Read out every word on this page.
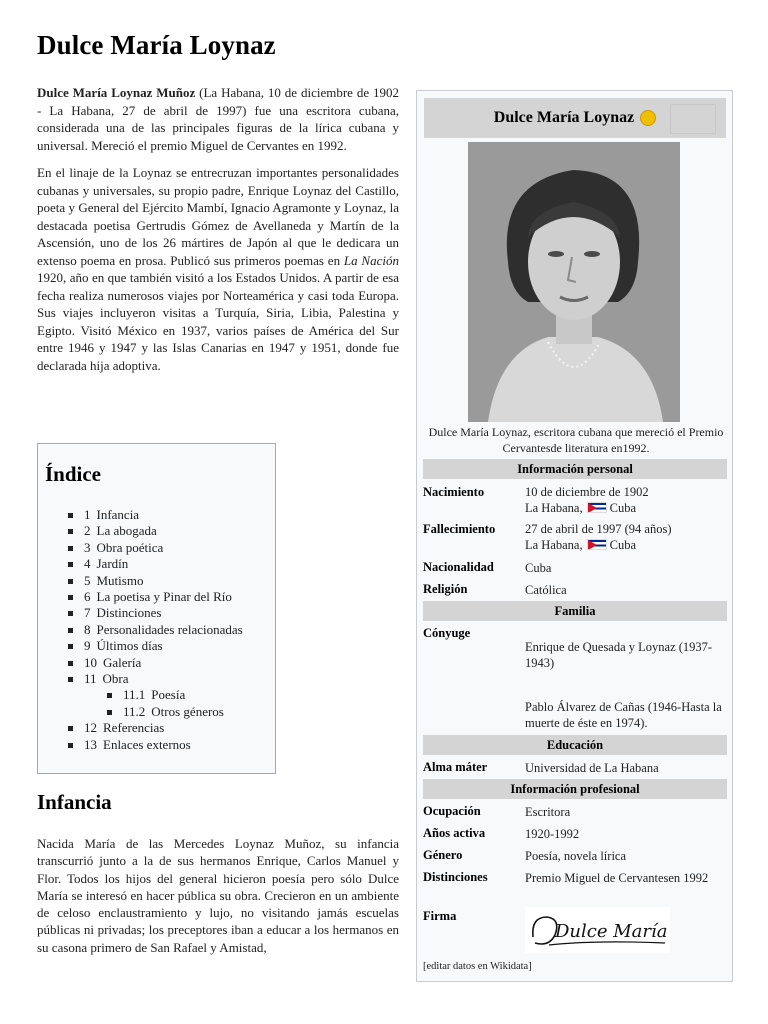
Dulce María Loynaz

Dulce María Loynaz Muñoz (La Habana, 10 de diciembre de 1902 - La Habana, 27 de abril de 1997) fue una escritora cubana, considerada una de las principales figuras de la lírica cubana y universal. Mereció el premio Miguel de Cervantes en 1992.

En el linaje de la Loynaz se entrecruzan importantes personalidades cubanas y universales, su propio padre, Enrique Loynaz del Castillo, poeta y General del Ejército Mambí, Ignacio Agramonte y Loynaz, la destacada poetisa Gertrudis Gómez de Avellaneda y Martín de la Ascensión, uno de los 26 mártires de Japón al que le dedicara un extenso poema en prosa. Publicó sus primeros poemas en La Nación 1920, año en que también visitó a los Estados Unidos. A partir de esa fecha realiza numerosos viajes por Norteamérica y casi toda Europa. Sus viajes incluyeron visitas a Turquía, Siria, Libia, Palestina y Egipto. Visitó México en 1937, varios países de América del Sur entre 1946 y 1947 y las Islas Canarias en 1947 y 1951, donde fue declarada hija adoptiva.

Índice
1 Infancia
2 La abogada
3 Obra poética
4 Jardín
5 Mutismo
6 La poetisa y Pinar del Río
7 Distinciones
8 Personalidades relacionadas
9 Últimos días
10 Galería
11 Obra
11.1 Poesía
11.2 Otros géneros
12 Referencias
13 Enlaces externos
Infancia
Nacida María de las Mercedes Loynaz Muñoz, su infancia transcurrió junto a la de sus hermanos Enrique, Carlos Manuel y Flor. Todos los hijos del general hicieron poesía pero sólo Dulce María se interesó en hacer pública su obra. Crecieron en un ambiente de celoso enclaustramiento y lujo, no visitando jamás escuelas públicas ni privadas; los preceptores iban a educar a los hermanos en su casona primero de San Rafael y Amistad,
Dulce María Loynaz
Dulce María Loynaz, escritora cubana que mereció el Premio Cervantesde literatura en1992.
Información personal
Nacimiento	10 de diciembre de 1902
La Habana, Cuba
Fallecimiento 27 de abril de 1997 (94 años)
La Habana, Cuba
Nacionalidad Cuba
Religión	Católica
Familia
Cónyuge
Enrique de Quesada y Loynaz (1937-1943)
Pablo Álvarez de Cañas (1946-Hasta la muerte de éste en 1974).
Educación
Alma máter	Universidad de La Habana
Información profesional
Ocupación	Escritora
Años activa	1920-1992
Género	Poesía, novela lírica
Distinciones	Premio Miguel de Cervantesen 1992
Firma
Dulce María
[editar datos en Wikidata]
